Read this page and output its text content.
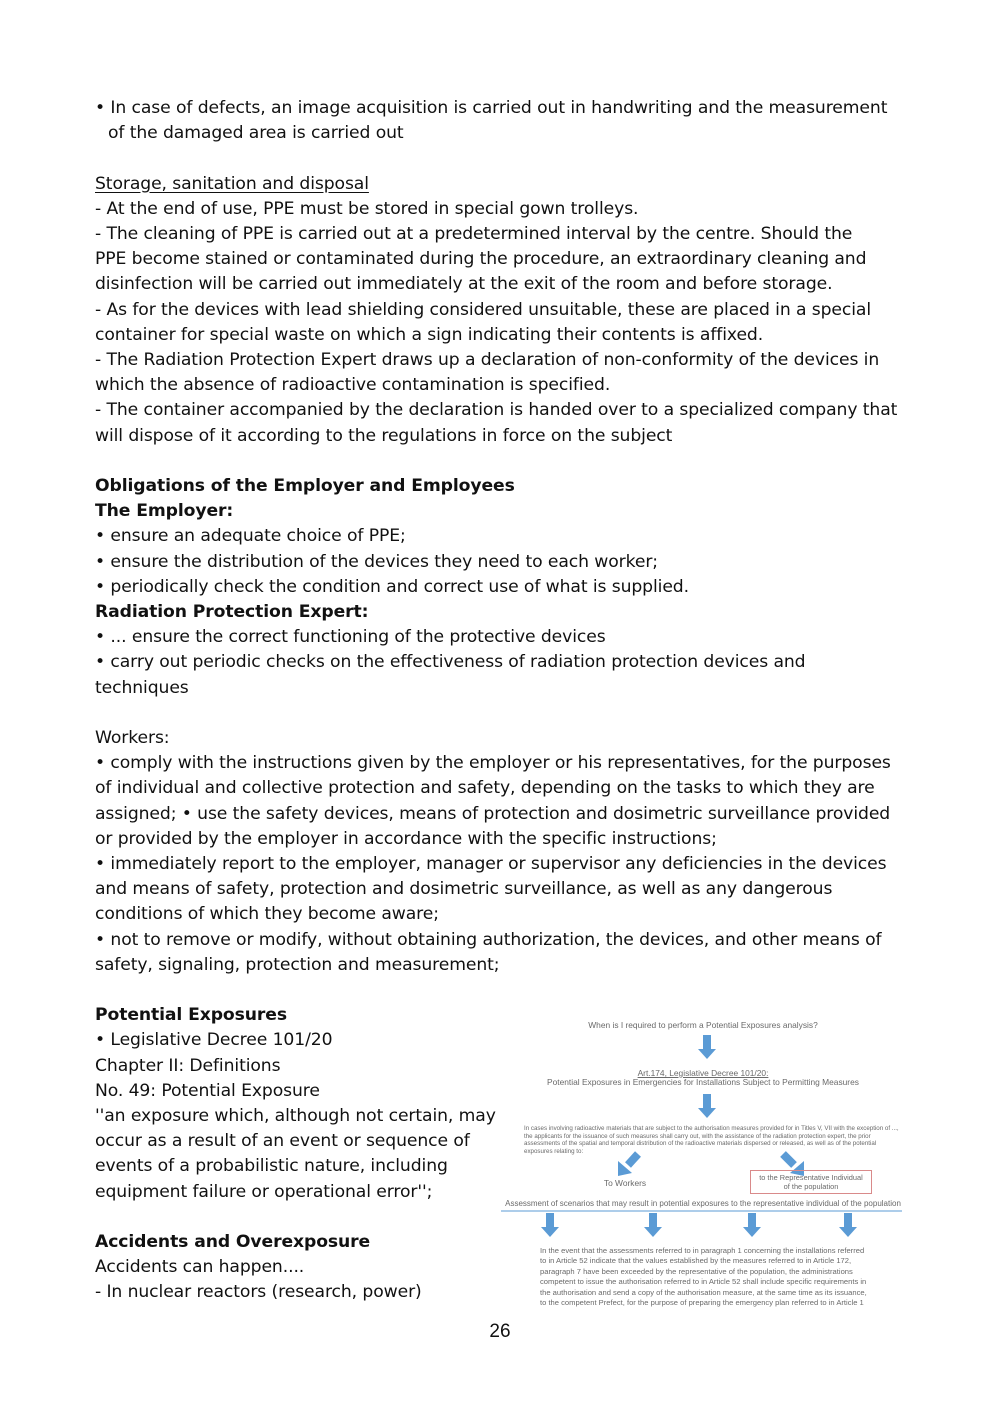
• In case of defects, an image acquisition is carried out in handwriting and the measurement
of the damaged area is carried out
Storage, sanitation and disposal
- At the end of use, PPE must be stored in special gown trolleys.
- The cleaning of PPE is carried out at a predetermined interval by the centre. Should the
PPE become stained or contaminated during the procedure, an extraordinary cleaning and
disinfection will be carried out immediately at the exit of the room and before storage.
- As for the devices with lead shielding considered unsuitable, these are placed in a special
container for special waste on which a sign indicating their contents is affixed.
- The Radiation Protection Expert draws up a declaration of non-conformity of the devices in
which the absence of radioactive contamination is specified.
- The container accompanied by the declaration is handed over to a specialized company that
will dispose of it according to the regulations in force on the subject
Obligations of the Employer and Employees
The Employer:
• ensure an adequate choice of PPE;
• ensure the distribution of the devices they need to each worker;
• periodically check the condition and correct use of what is supplied.
Radiation Protection Expert:
• ... ensure the correct functioning of the protective devices
• carry out periodic checks on the effectiveness of radiation protection devices and
techniques
Workers:
• comply with the instructions given by the employer or his representatives, for the purposes
of individual and collective protection and safety, depending on the tasks to which they are
assigned; • use the safety devices, means of protection and dosimetric surveillance provided
or provided by the employer in accordance with the specific instructions;
• immediately report to the employer, manager or supervisor any deficiencies in the devices
and means of safety, protection and dosimetric surveillance, as well as any dangerous
conditions of which they become aware;
• not to remove or modify, without obtaining authorization, the devices, and other means of
safety, signaling, protection and measurement;
Potential Exposures
• Legislative Decree 101/20
Chapter II: Definitions
No. 49: Potential Exposure
''an exposure which, although not certain, may
occur as a result of an event or sequence of
events of a probabilistic nature, including
equipment failure or operational error'';
Accidents and Overexposure
Accidents can happen....
- In nuclear reactors (research, power)
When is I required to perform a Potential Exposures analysis?
Art.174, Legislative Decree 101/20:
Potential Exposures in Emergencies for Installations Subject to Permitting Measures
In cases involving radioactive materials that are subject to the authorisation measures provided for in Titles V, VII with the exception of ..., the applicants for the issuance of such measures shall carry out, with the assistance of the radiation protection expert, the prior assessments of the spatial and temporal distribution of the radioactive materials dispersed or released, as well as of the potential exposures relating to:
To Workers
to the Representative Individual
of the population
Assessment of scenarios that may result in potential exposures to the representative individual of the population
In the event that the assessments referred to in paragraph 1 concerning the installations referred to in Article 52 indicate that the values established by the measures referred to in Article 172, paragraph 7 have been exceeded by the representative of the population, the administrations competent to issue the authorisation referred to in Article 52 shall include specific requirements in the authorisation and send a copy of the authorisation measure, at the same time as its issuance, to the competent Prefect, for the purpose of preparing the emergency plan referred to in Article 1
26
